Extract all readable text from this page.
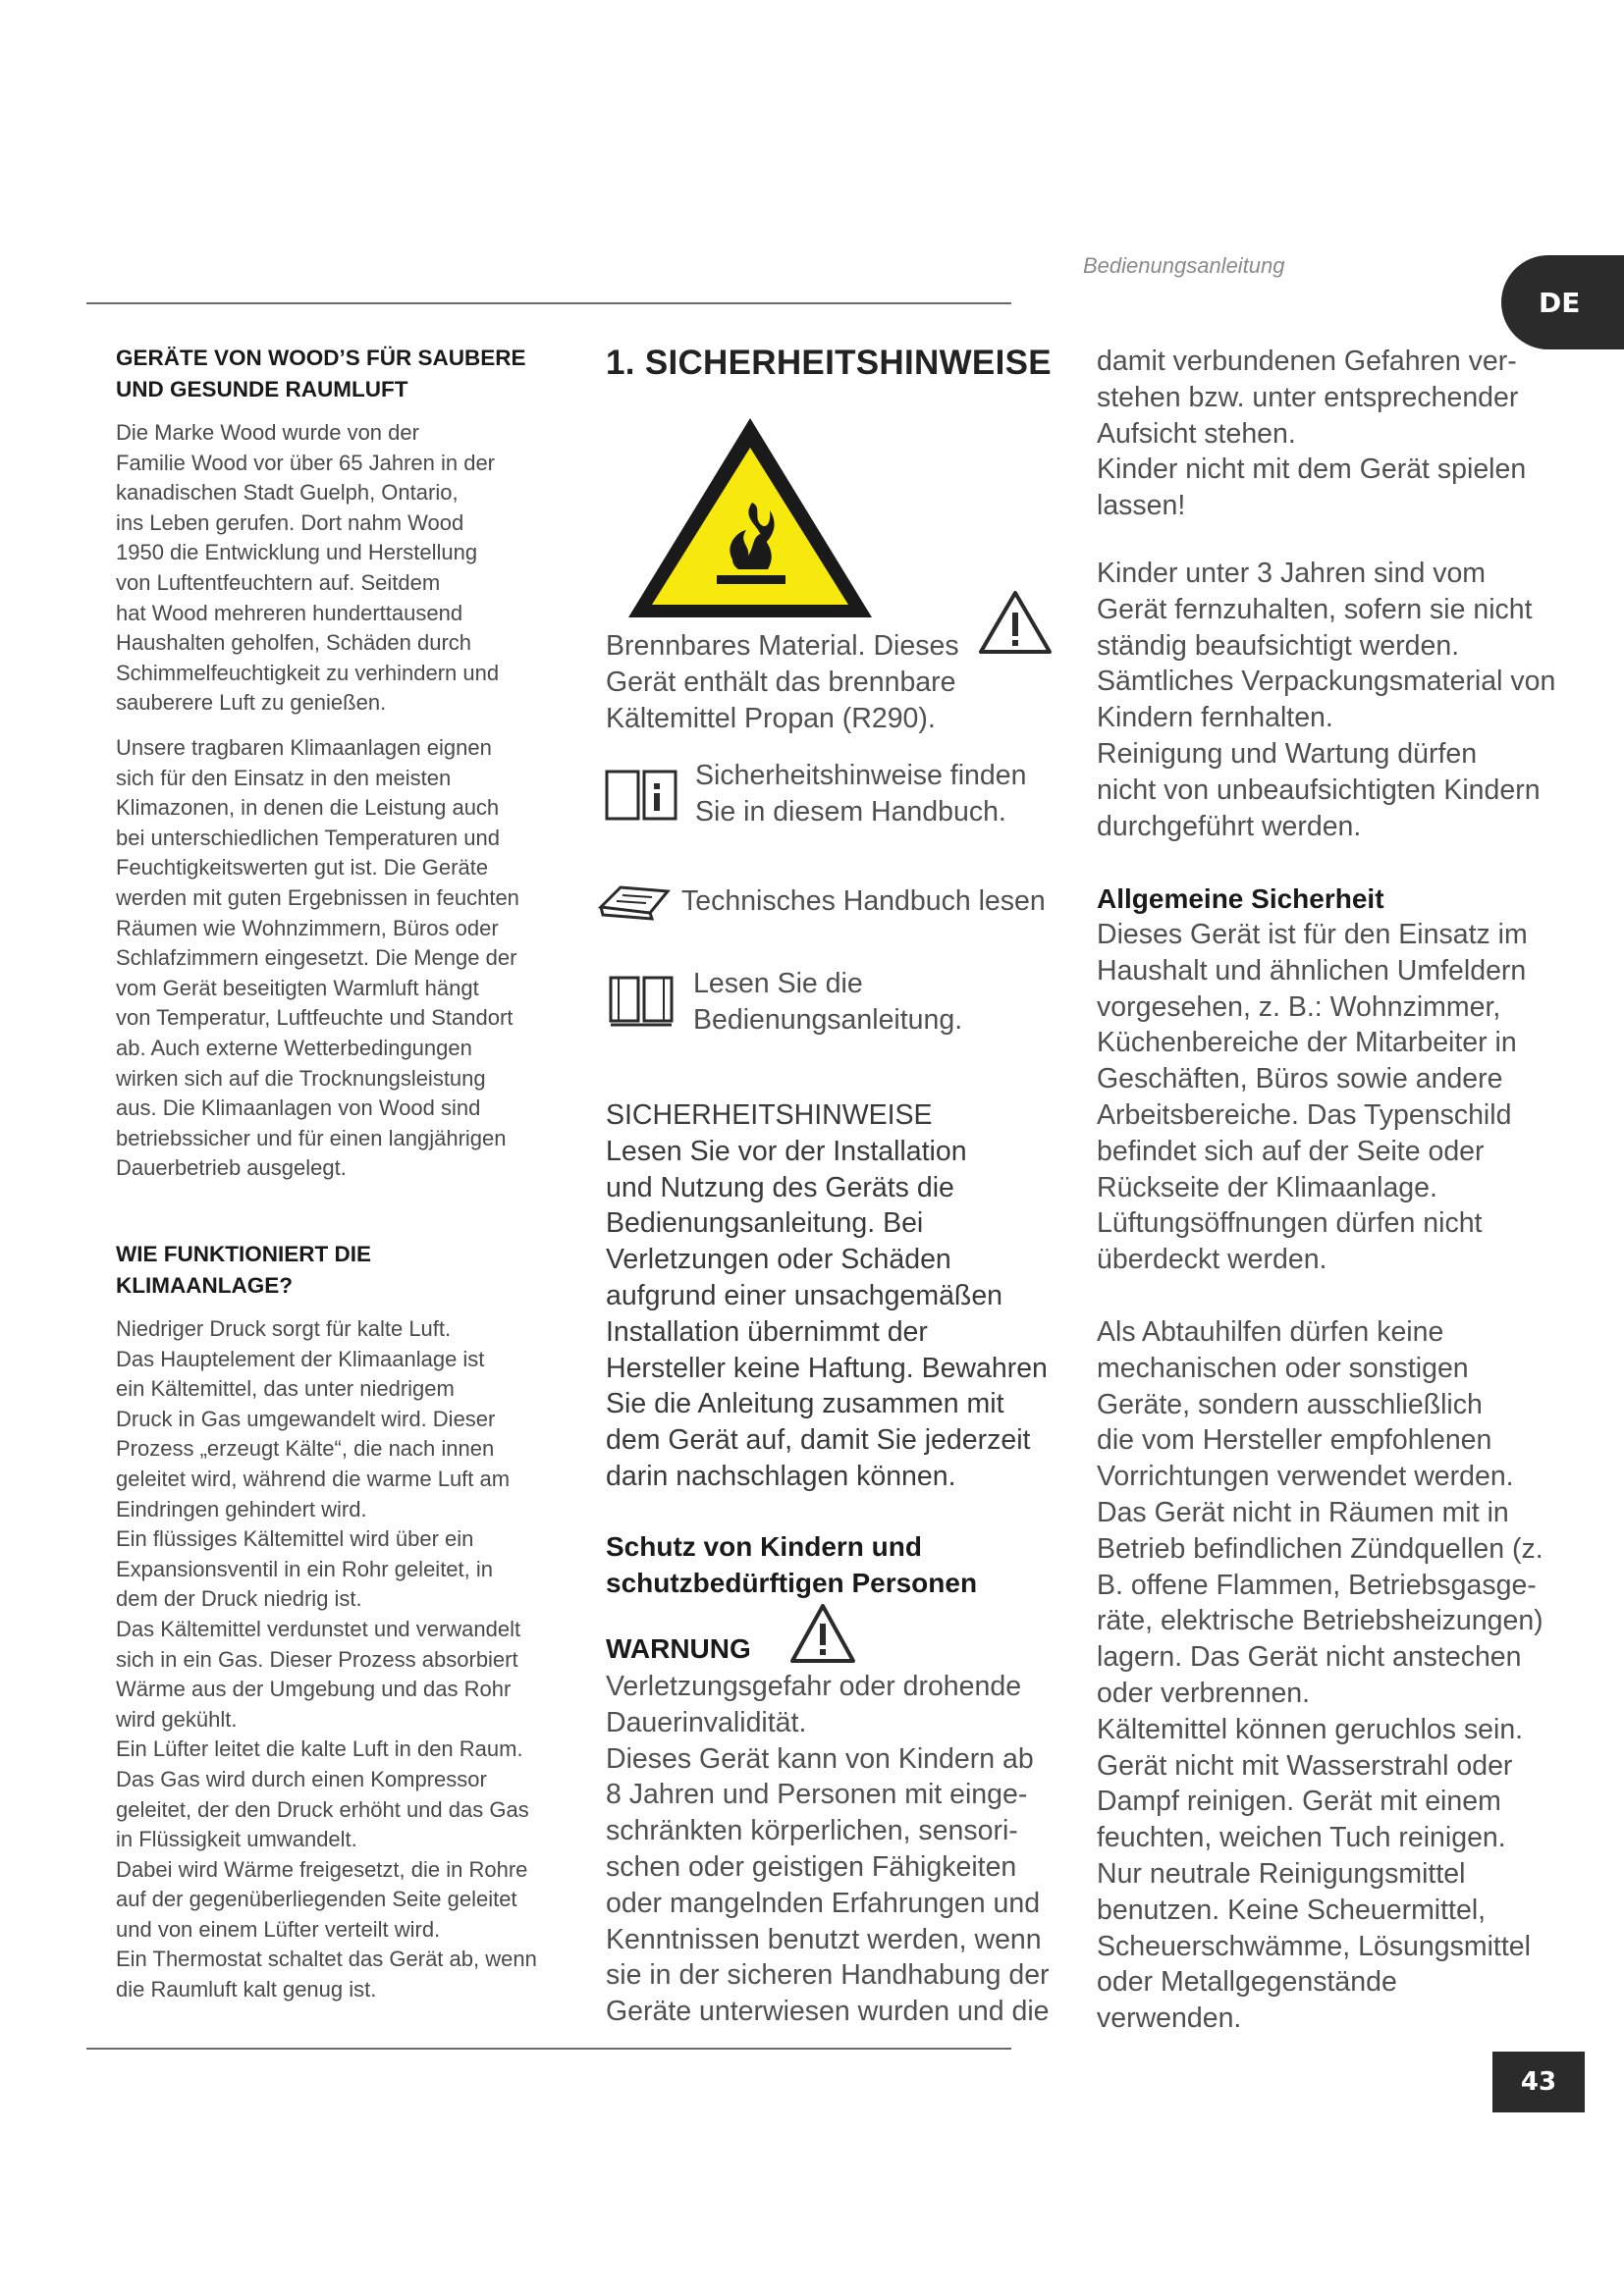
Bedienungsanleitung
DE

GERÄTE VON WOOD’S FÜR SAUBERE
UND GESUNDE RAUMLUFT

Die Marke Wood wurde von der
Familie Wood vor über 65 Jahren in der
kanadischen Stadt Guelph, Ontario,
ins Leben gerufen. Dort nahm Wood
1950 die Entwicklung und Herstellung
von Luftentfeuchtern auf. Seitdem
hat Wood mehreren hunderttausend
Haushalten geholfen, Schäden durch
Schimmelfeuchtigkeit zu verhindern und
sauberere Luft zu genießen.

Unsere tragbaren Klimaanlagen eignen
sich für den Einsatz in den meisten
Klimazonen, in denen die Leistung auch
bei unterschiedlichen Temperaturen und
Feuchtigkeitswerten gut ist. Die Geräte
werden mit guten Ergebnissen in feuchten
Räumen wie Wohnzimmern, Büros oder
Schlafzimmern eingesetzt. Die Menge der
vom Gerät beseitigten Warmluft hängt
von Temperatur, Luftfeuchte und Standort
ab. Auch externe Wetterbedingungen
wirken sich auf die Trocknungsleistung
aus. Die Klimaanlagen von Wood sind
betriebssicher und für einen langjährigen
Dauerbetrieb ausgelegt.

WIE FUNKTIONIERT DIE
KLIMAANLAGE?

Niedriger Druck sorgt für kalte Luft.
Das Hauptelement der Klimaanlage ist
ein Kältemittel, das unter niedrigem
Druck in Gas umgewandelt wird. Dieser
Prozess „erzeugt Kälte“, die nach innen
geleitet wird, während die warme Luft am
Eindringen gehindert wird.
Ein flüssiges Kältemittel wird über ein
Expansionsventil in ein Rohr geleitet, in
dem der Druck niedrig ist.
Das Kältemittel verdunstet und verwandelt
sich in ein Gas. Dieser Prozess absorbiert
Wärme aus der Umgebung und das Rohr
wird gekühlt.
Ein Lüfter leitet die kalte Luft in den Raum.
Das Gas wird durch einen Kompressor
geleitet, der den Druck erhöht und das Gas
in Flüssigkeit umwandelt.
Dabei wird Wärme freigesetzt, die in Rohre
auf der gegenüberliegenden Seite geleitet
und von einem Lüfter verteilt wird.
Ein Thermostat schaltet das Gerät ab, wenn
die Raumluft kalt genug ist.

1. SICHERHEITSHINWEISE

Brennbares Material. Dieses
Gerät enthält das brennbare
Kältemittel Propan (R290).

Sicherheitshinweise finden
Sie in diesem Handbuch.

Technisches Handbuch lesen

Lesen Sie die
Bedienungsanleitung.

SICHERHEITSHINWEISE
Lesen Sie vor der Installation
und Nutzung des Geräts die
Bedienungsanleitung. Bei
Verletzungen oder Schäden
aufgrund einer unsachgemäßen
Installation übernimmt der
Hersteller keine Haftung. Bewahren
Sie die Anleitung zusammen mit
dem Gerät auf, damit Sie jederzeit
darin nachschlagen können.

Schutz von Kindern und
schutzbedürftigen Personen

WARNUNG

Verletzungsgefahr oder drohende
Dauerinvalidität.
Dieses Gerät kann von Kindern ab
8 Jahren und Personen mit einge-
schränkten körperlichen, sensori-
schen oder geistigen Fähigkeiten
oder mangelnden Erfahrungen und
Kenntnissen benutzt werden, wenn
sie in der sicheren Handhabung der
Geräte unterwiesen wurden und die

damit verbundenen Gefahren ver-
stehen bzw. unter entsprechender
Aufsicht stehen.
Kinder nicht mit dem Gerät spielen
lassen!

Kinder unter 3 Jahren sind vom
Gerät fernzuhalten, sofern sie nicht
ständig beaufsichtigt werden.
Sämtliches Verpackungsmaterial von
Kindern fernhalten.
Reinigung und Wartung dürfen
nicht von unbeaufsichtigten Kindern
durchgeführt werden.

Allgemeine Sicherheit

Dieses Gerät ist für den Einsatz im
Haushalt und ähnlichen Umfeldern
vorgesehen, z. B.: Wohnzimmer,
Küchenbereiche der Mitarbeiter in
Geschäften, Büros sowie andere
Arbeitsbereiche. Das Typenschild
befindet sich auf der Seite oder
Rückseite der Klimaanlage.
Lüftungsöffnungen dürfen nicht
überdeckt werden.

Als Abtauhilfen dürfen keine
mechanischen oder sonstigen
Geräte, sondern ausschließlich
die vom Hersteller empfohlenen
Vorrichtungen verwendet werden.
Das Gerät nicht in Räumen mit in
Betrieb befindlichen Zündquellen (z.
B. offene Flammen, Betriebsgasge-
räte, elektrische Betriebsheizungen)
lagern. Das Gerät nicht anstechen
oder verbrennen.
Kältemittel können geruchlos sein.
Gerät nicht mit Wasserstrahl oder
Dampf reinigen. Gerät mit einem
feuchten, weichen Tuch reinigen.
Nur neutrale Reinigungsmittel
benutzen. Keine Scheuermittel,
Scheuerschwämme, Lösungsmittel
oder Metallgegenstände
verwenden.

43
